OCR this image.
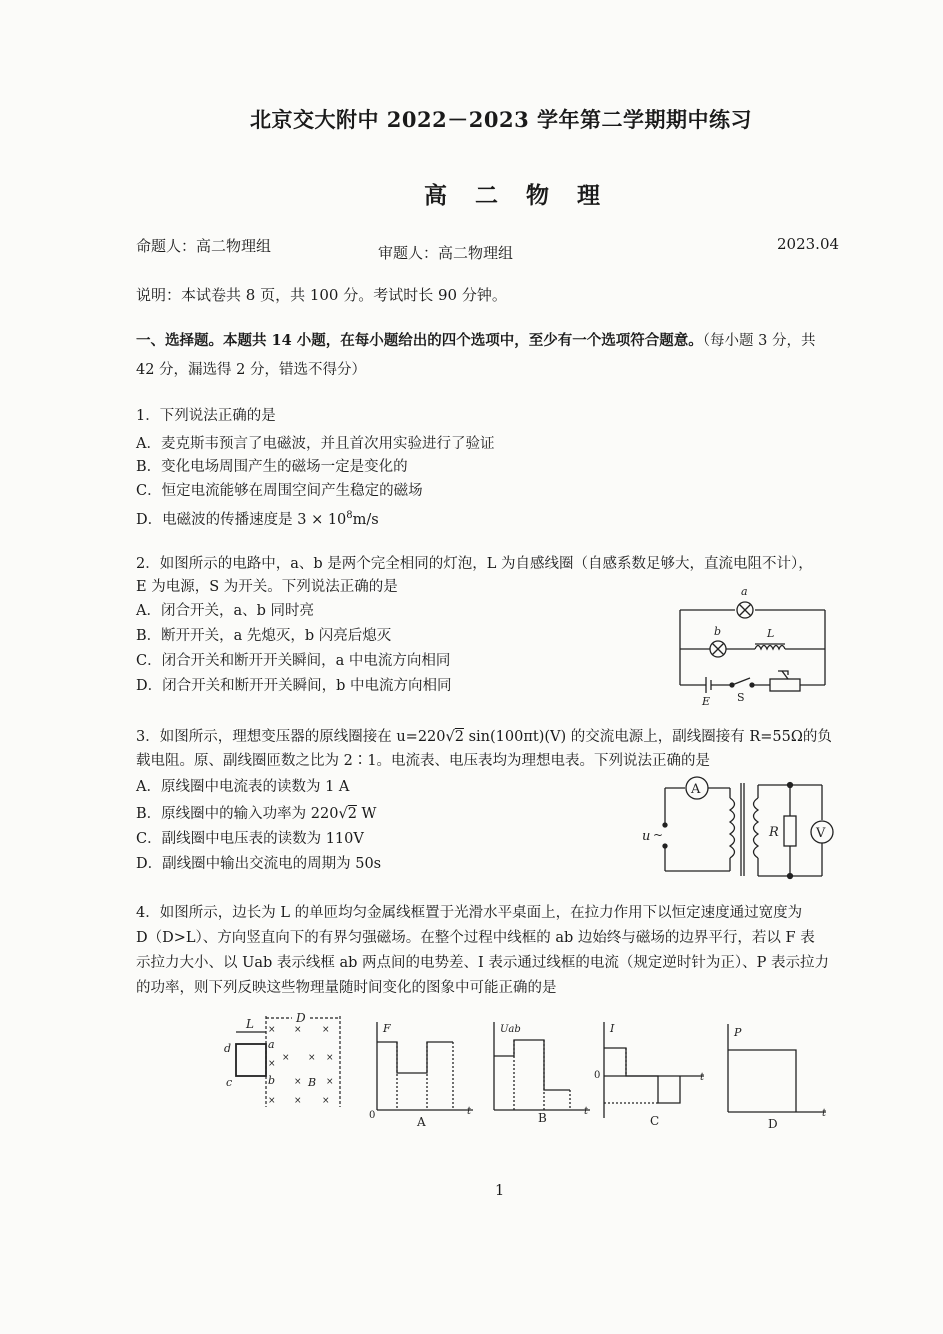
北京交大附中 2022－2023 学年第二学期期中练习
高 二 物 理
命题人：高二物理组	审题人：高二物理组	2023.04
说明：本试卷共 8 页，共 100 分。考试时长 90 分钟。
一、选择题。本题共 14 小题，在每小题给出的四个选项中，至少有一个选项符合题意。（每小题 3 分，共
42 分，漏选得 2 分，错选不得分）
1．下列说法正确的是
A．麦克斯韦预言了电磁波，并且首次用实验进行了验证
B．变化电场周围产生的磁场一定是变化的
C．恒定电流能够在周围空间产生稳定的磁场
D．电磁波的传播速度是 $3 \times 10^8m/s$
2．如图所示的电路中，a、b 是两个完全相同的灯泡，L 为自感线圈（自感系数足够大，直流电阻不计），
E 为电源，S 为开关。下列说法正确的是
A．闭合开关，a、b 同时亮
B．断开开关，a 先熄灭，b 闪亮后熄灭
C．闭合开关和断开开关瞬间，a 中电流方向相同
D．闭合开关和断开开关瞬间，b 中电流方向相同
a
b	L
E S
3．如图所示，理想变压器的原线圈接在 u=220√2 sin(100πt)(V) 的交流电源上，副线圈接有 R=55Ω的负
载电阻。原、副线圈匝数之比为 2∶1。电流表、电压表均为理想电表。下列说法正确的是
A．原线圈中电流表的读数为 1 A
B．原线圈中的输入功率为 220√2 W
C．副线圈中电压表的读数为 110V
D．副线圈中输出交流电的周期为 50s
A
u ~	R	V
4．如图所示，边长为 L 的单匝均匀金属线框置于光滑水平桌面上，在拉力作用下以恒定速度通过宽度为
D（D>L）、方向竖直向下的有界匀强磁场。在整个过程中线框的 ab 边始终与磁场的边界平行，若以 F 表
示拉力大小、以 Uab 表示线框 ab 两点间的电势差、I 表示通过线框的电流（规定逆时针为正）、P 表示拉力
的功率，则下列反映这些物理量随时间变化的图象中可能正确的是
L	D
d
c
a
b	B
× × ×
× × ×
×
×	×
× × ×
F
t
0	A
Uab
t
B
I
t
0
C
P
t
D
1
